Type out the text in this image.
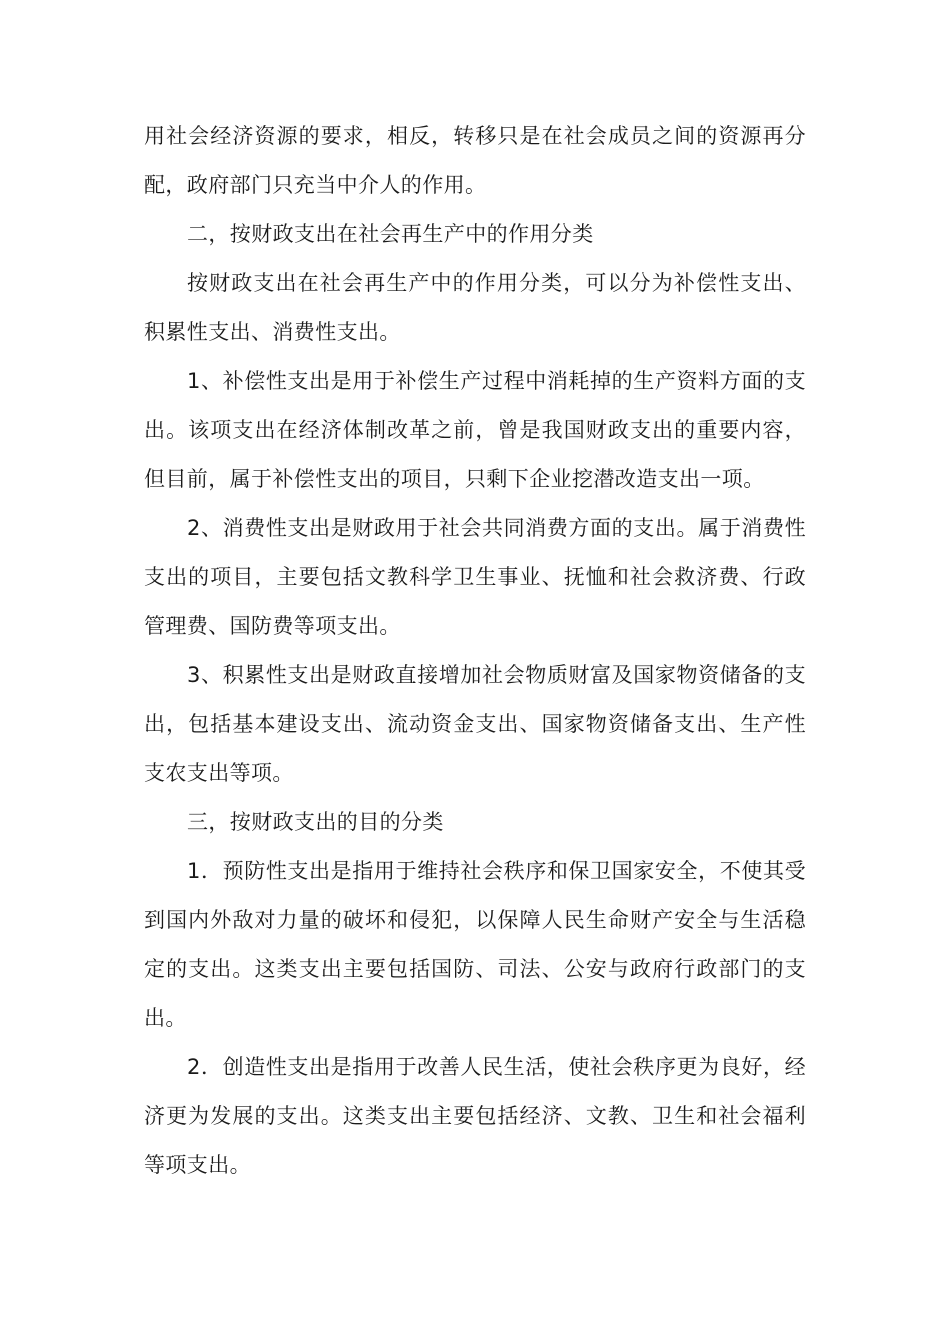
用社会经济资源的要求，相反，转移只是在社会成员之间的资源再分配，政府部门只充当中介人的作用。

二，按财政支出在社会再生产中的作用分类

按财政支出在社会再生产中的作用分类，可以分为补偿性支出、积累性支出、消费性支出。

1、补偿性支出是用于补偿生产过程中消耗掉的生产资料方面的支出。该项支出在经济体制改革之前，曾是我国财政支出的重要内容，但目前，属于补偿性支出的项目，只剩下企业挖潜改造支出一项。

2、消费性支出是财政用于社会共同消费方面的支出。属于消费性支出的项目，主要包括文教科学卫生事业、抚恤和社会救济费、行政管理费、国防费等项支出。

3、积累性支出是财政直接增加社会物质财富及国家物资储备的支出，包括基本建设支出、流动资金支出、国家物资储备支出、生产性支农支出等项。

三，按财政支出的目的分类

1．预防性支出是指用于维持社会秩序和保卫国家安全，不使其受到国内外敌对力量的破坏和侵犯，以保障人民生命财产安全与生活稳定的支出。这类支出主要包括国防、司法、公安与政府行政部门的支出。

2．创造性支出是指用于改善人民生活，使社会秩序更为良好，经济更为发展的支出。这类支出主要包括经济、文教、卫生和社会福利等项支出。
